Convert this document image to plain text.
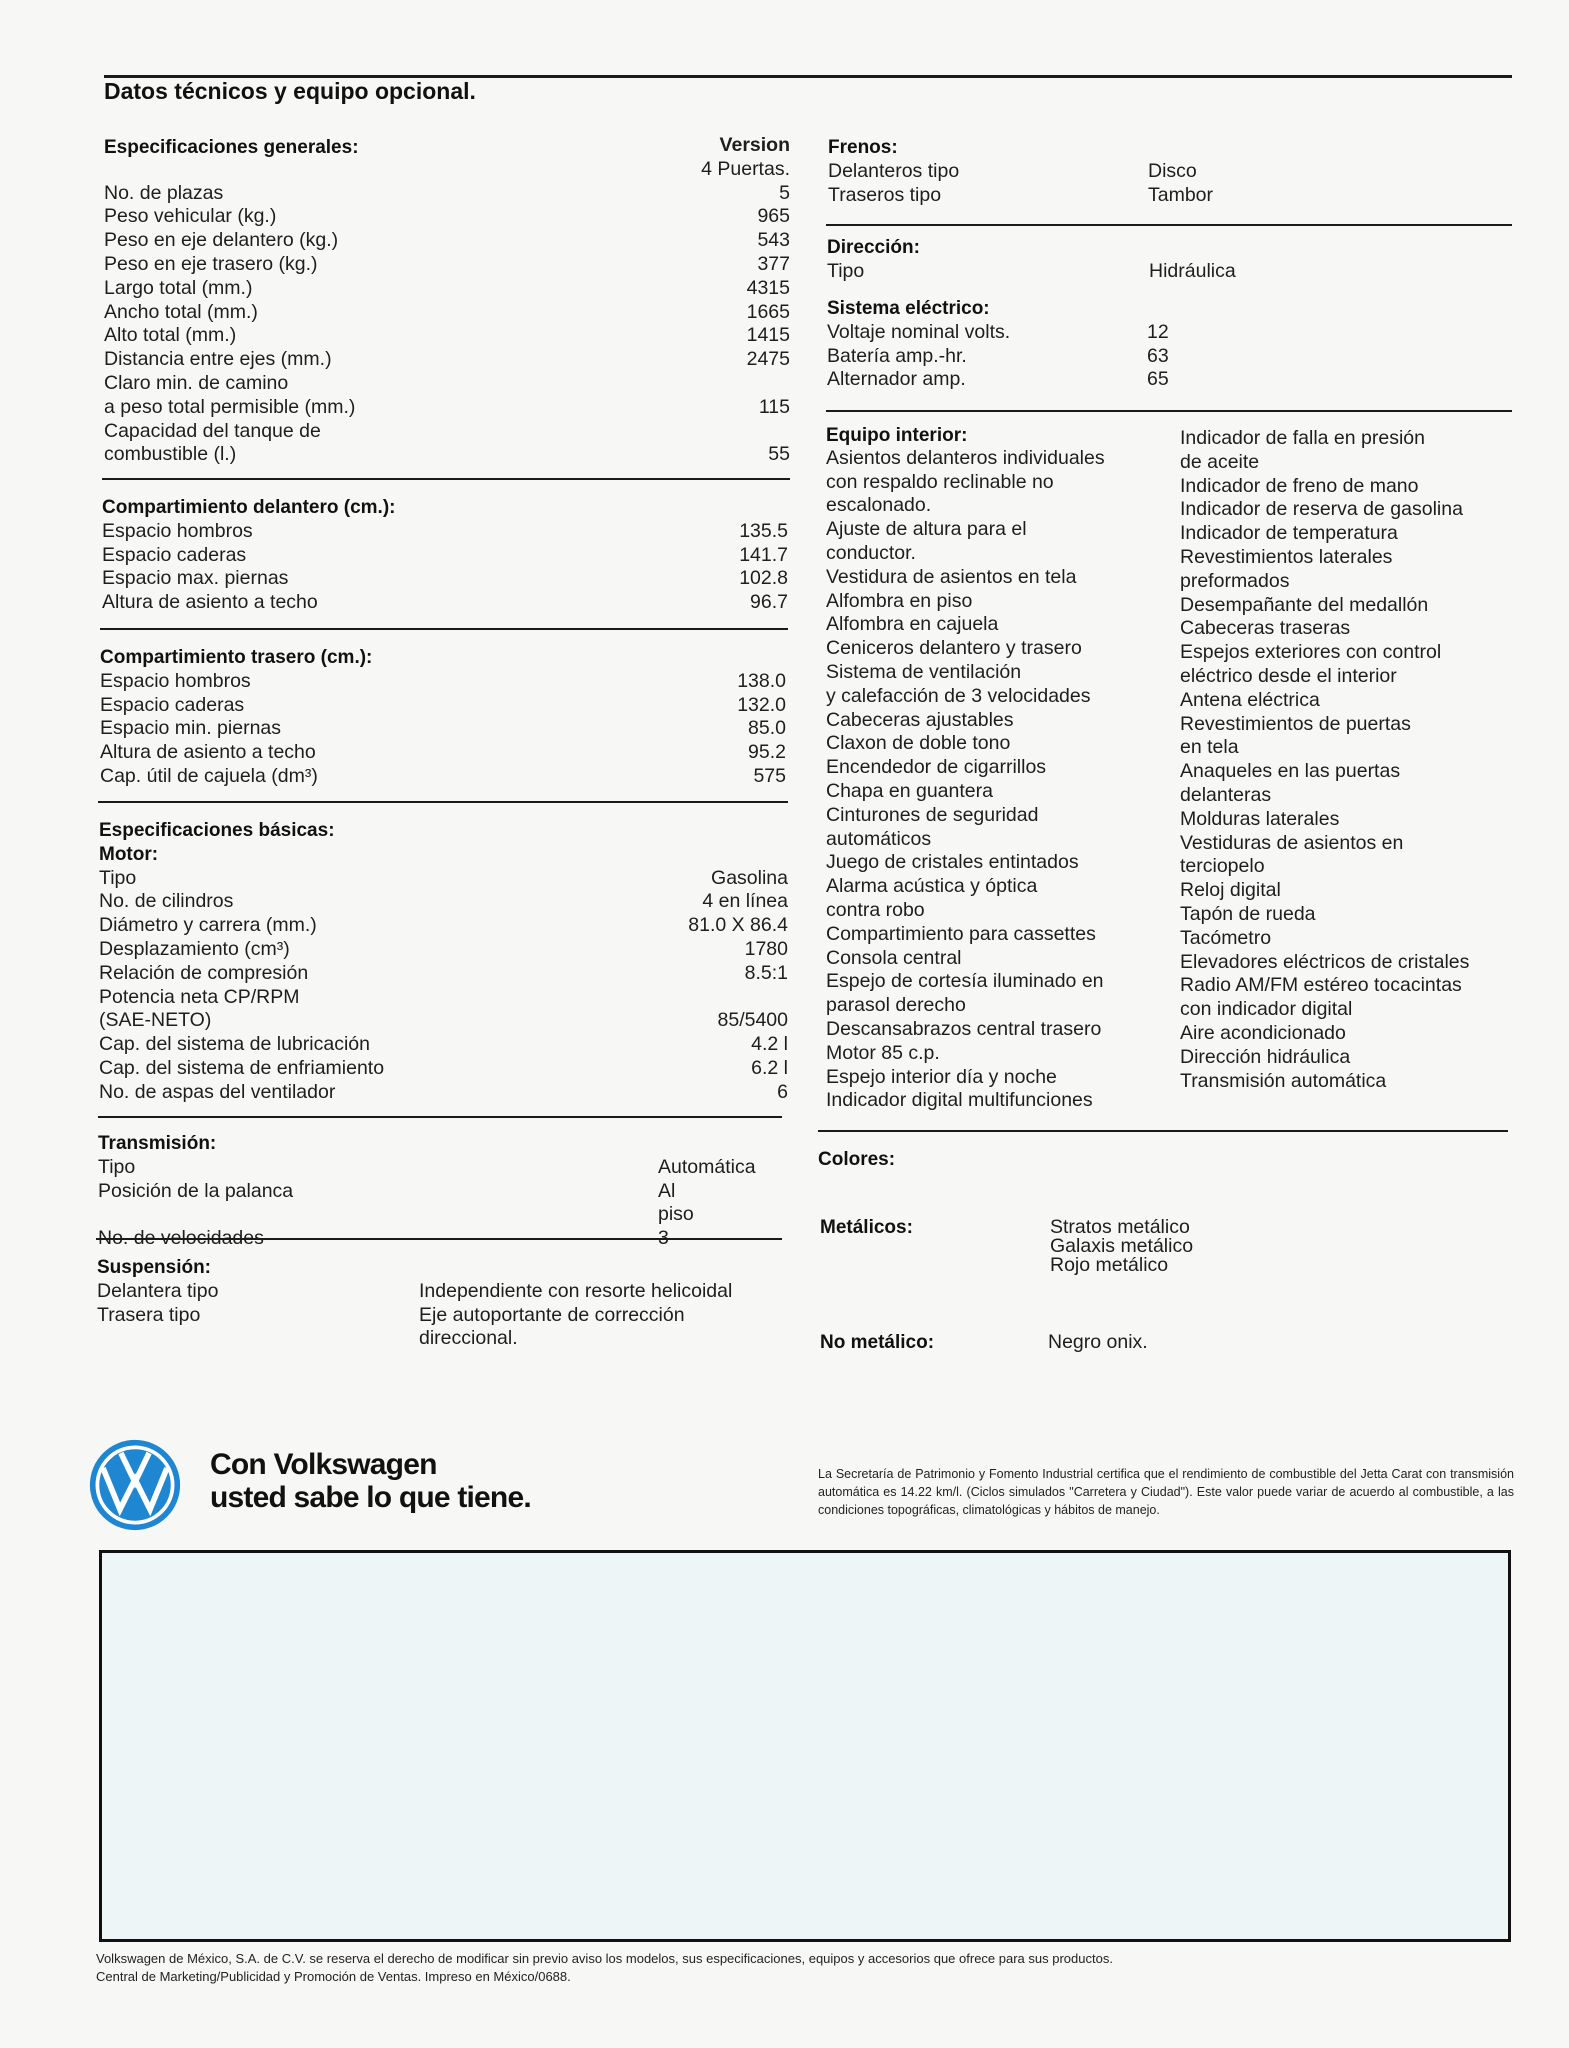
Datos técnicos y equipo opcional.
Especificaciones generales:	Version
4 Puertas.
No. de plazas	5
Peso vehicular (kg.)	965
Peso en eje delantero (kg.)	543
Peso en eje trasero (kg.)	377
Largo total (mm.)	4315
Ancho total (mm.)	1665
Alto total (mm.)	1415
Distancia entre ejes (mm.)	2475
Claro min. de camino
a peso total permisible (mm.)	115
Capacidad del tanque de
combustible (l.)	55
Compartimiento delantero (cm.):
Espacio hombros	135.5
Espacio caderas	141.7
Espacio max. piernas	102.8
Altura de asiento a techo	96.7
Compartimiento trasero (cm.):
Espacio hombros	138.0
Espacio caderas	132.0
Espacio min. piernas	85.0
Altura de asiento a techo	95.2
Cap. útil de cajuela (dm³)	575
Especificaciones básicas:
Motor:
Tipo	Gasolina
No. de cilindros	4 en línea
Diámetro y carrera (mm.)	81.0 X 86.4
Desplazamiento (cm³)	1780
Relación de compresión	8.5:1
Potencia neta CP/RPM
(SAE-NETO)	85/5400
Cap. del sistema de lubricación	4.2 l
Cap. del sistema de enfriamiento	6.2 l
No. de aspas del ventilador	6
Transmisión:
Tipo	Automática
Posición de la palanca	Al piso
No. de velocidades	3
Suspensión:
Delantera tipo	Independiente con resorte helicoidal
Trasera tipo	Eje autoportante de corrección
direccional.
Frenos:
Delanteros tipo	Disco
Traseros tipo	Tambor
Dirección:
Tipo	Hidráulica
Sistema eléctrico:
Voltaje nominal volts.	12
Batería amp.-hr.	63
Alternador amp.	65
Equipo interior:
Asientos delanteros individuales
con respaldo reclinable no
escalonado.
Ajuste de altura para el
conductor.
Vestidura de asientos en tela
Alfombra en piso
Alfombra en cajuela
Ceniceros delantero y trasero
Sistema de ventilación
y calefacción de 3 velocidades
Cabeceras ajustables
Claxon de doble tono
Encendedor de cigarrillos
Chapa en guantera
Cinturones de seguridad
automáticos
Juego de cristales entintados
Alarma acústica y óptica
contra robo
Compartimiento para cassettes
Consola central
Espejo de cortesía iluminado en
parasol derecho
Descansabrazos central trasero
Motor 85 c.p.
Espejo interior día y noche
Indicador digital multifunciones
Indicador de falla en presión
de aceite
Indicador de freno de mano
Indicador de reserva de gasolina
Indicador de temperatura
Revestimientos laterales
preformados
Desempañante del medallón
Cabeceras traseras
Espejos exteriores con control
eléctrico desde el interior
Antena eléctrica
Revestimientos de puertas
en tela
Anaqueles en las puertas
delanteras
Molduras laterales
Vestiduras de asientos en
terciopelo
Reloj digital
Tapón de rueda
Tacómetro
Elevadores eléctricos de cristales
Radio AM/FM estéreo tocacintas
con indicador digital
Aire acondicionado
Dirección hidráulica
Transmisión automática
Colores:
Metálicos:	Stratos metálico
Galaxis metálico
Rojo metálico
No metálico:	Negro onix.
Con Volkswagen
usted sabe lo que tiene.
La Secretaría de Patrimonio y Fomento Industrial certifica que el rendimiento de combustible del Jetta Carat con transmisión automática es 14.22 km/l. (Ciclos simulados "Carretera y Ciudad"). Este valor puede variar de acuerdo al combustible, a las condiciones topográficas, climatológicas y hábitos de manejo.
Volkswagen de México, S.A. de C.V. se reserva el derecho de modificar sin previo aviso los modelos, sus especificaciones, equipos y accesorios que ofrece para sus productos.
Central de Marketing/Publicidad y Promoción de Ventas. Impreso en México/0688.
